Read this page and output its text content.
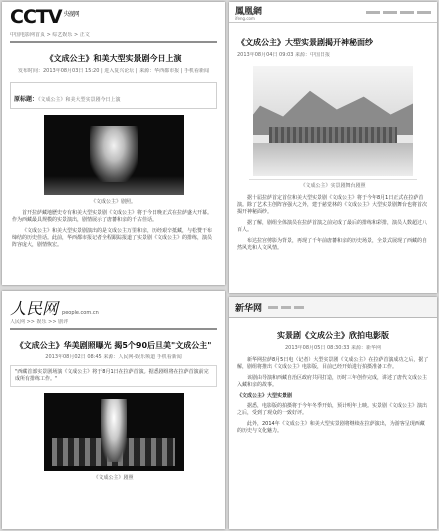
CCTV $^{央视网}$
中国电影网首页 > 综艺娱乐 > 正文
《文成公主》和美大型实景剧今日上演
发布时间：2013年08月03日 15:20 | 进入复兴论坛 | 来源：华西都市报 | 手机看新闻
原标题：《文成公主》和美大型实景剧今日上演
《文成公主》剧照。

首开拉萨藏地歷史专有和美大型实景剧《文成公主》将于今日晚正式在拉萨盛大开幕。作为西藏最具规模的实景演出，剧情展示了唐蕃和亲的千古佳话。

《文成公主》和美大型实景剧演出的是文成公主万里和亲，历经艰辛抵藏，与松赞干布缔结的历史佳话。此前，华西都市报记者全程跟踪报道了实景剧《文成公主》的排练，演员阵容庞大，剧情恢宏。

鳳凰網
ifeng.com
《文成公主》大型实景剧揭开神秘面纱
2013年08月04日 09:03 来源：中国日报
《文成公主》实景剧舞台剧照

据十届拉萨首定首位和美大型实景剧《文成公主》将于今年8月1日正式在拉萨首演。除了艺术主创阵容强大之外，建于慈觉林的《文成公主》大型实景剧舞台也将首次揭开神秘面纱。

据了解，剧组全体演员在拉萨首演之前完成了最后的排练和彩排，演员人数超过八百人。

布达拉宫剪影为背景，再现了千年前唐蕃和亲的历史场景，全景式展现了西藏的自然风光和人文风情。

人民网 people.com.cn
人民网 >> 娱乐 >> 剧评
《文成公主》华美剧照曝光 揭5个90后旦美"文成公主"
2013年08月02日 08:45 来源：人民网-娱乐频道 手机看新闻
"西藏首部实景剧场演《文成公主》将于8月1日在拉萨首演。据悉剧组将在拉萨首演前完成所有排练工作。"
《文成公主》剧照
新华网
实景剧《文成公主》欣拍电影版
2013年08月05日 08:30:33 来源：新华网

新华网拉萨8月5日电（记者）大型实景剧《文成公主》在拉萨首演成功之后，据了解，剧组将推出《文成公主》电影版，目前已经开始进行拍摄准备工作。

该剧由导演和西藏自治区政府共同打造，历时三年创作完成，讲述了唐代文成公主入藏和亲的故事。

《文成公主》大型实景剧

据悉，电影版的拍摄将于今年冬季开始，预计明年上映。实景剧《文成公主》演出之后，受到了观众的一致好评。

此外，2014年《文成公主》和美大型实景剧将继续在拉萨演出，为游客呈现西藏的历史与文化魅力。
